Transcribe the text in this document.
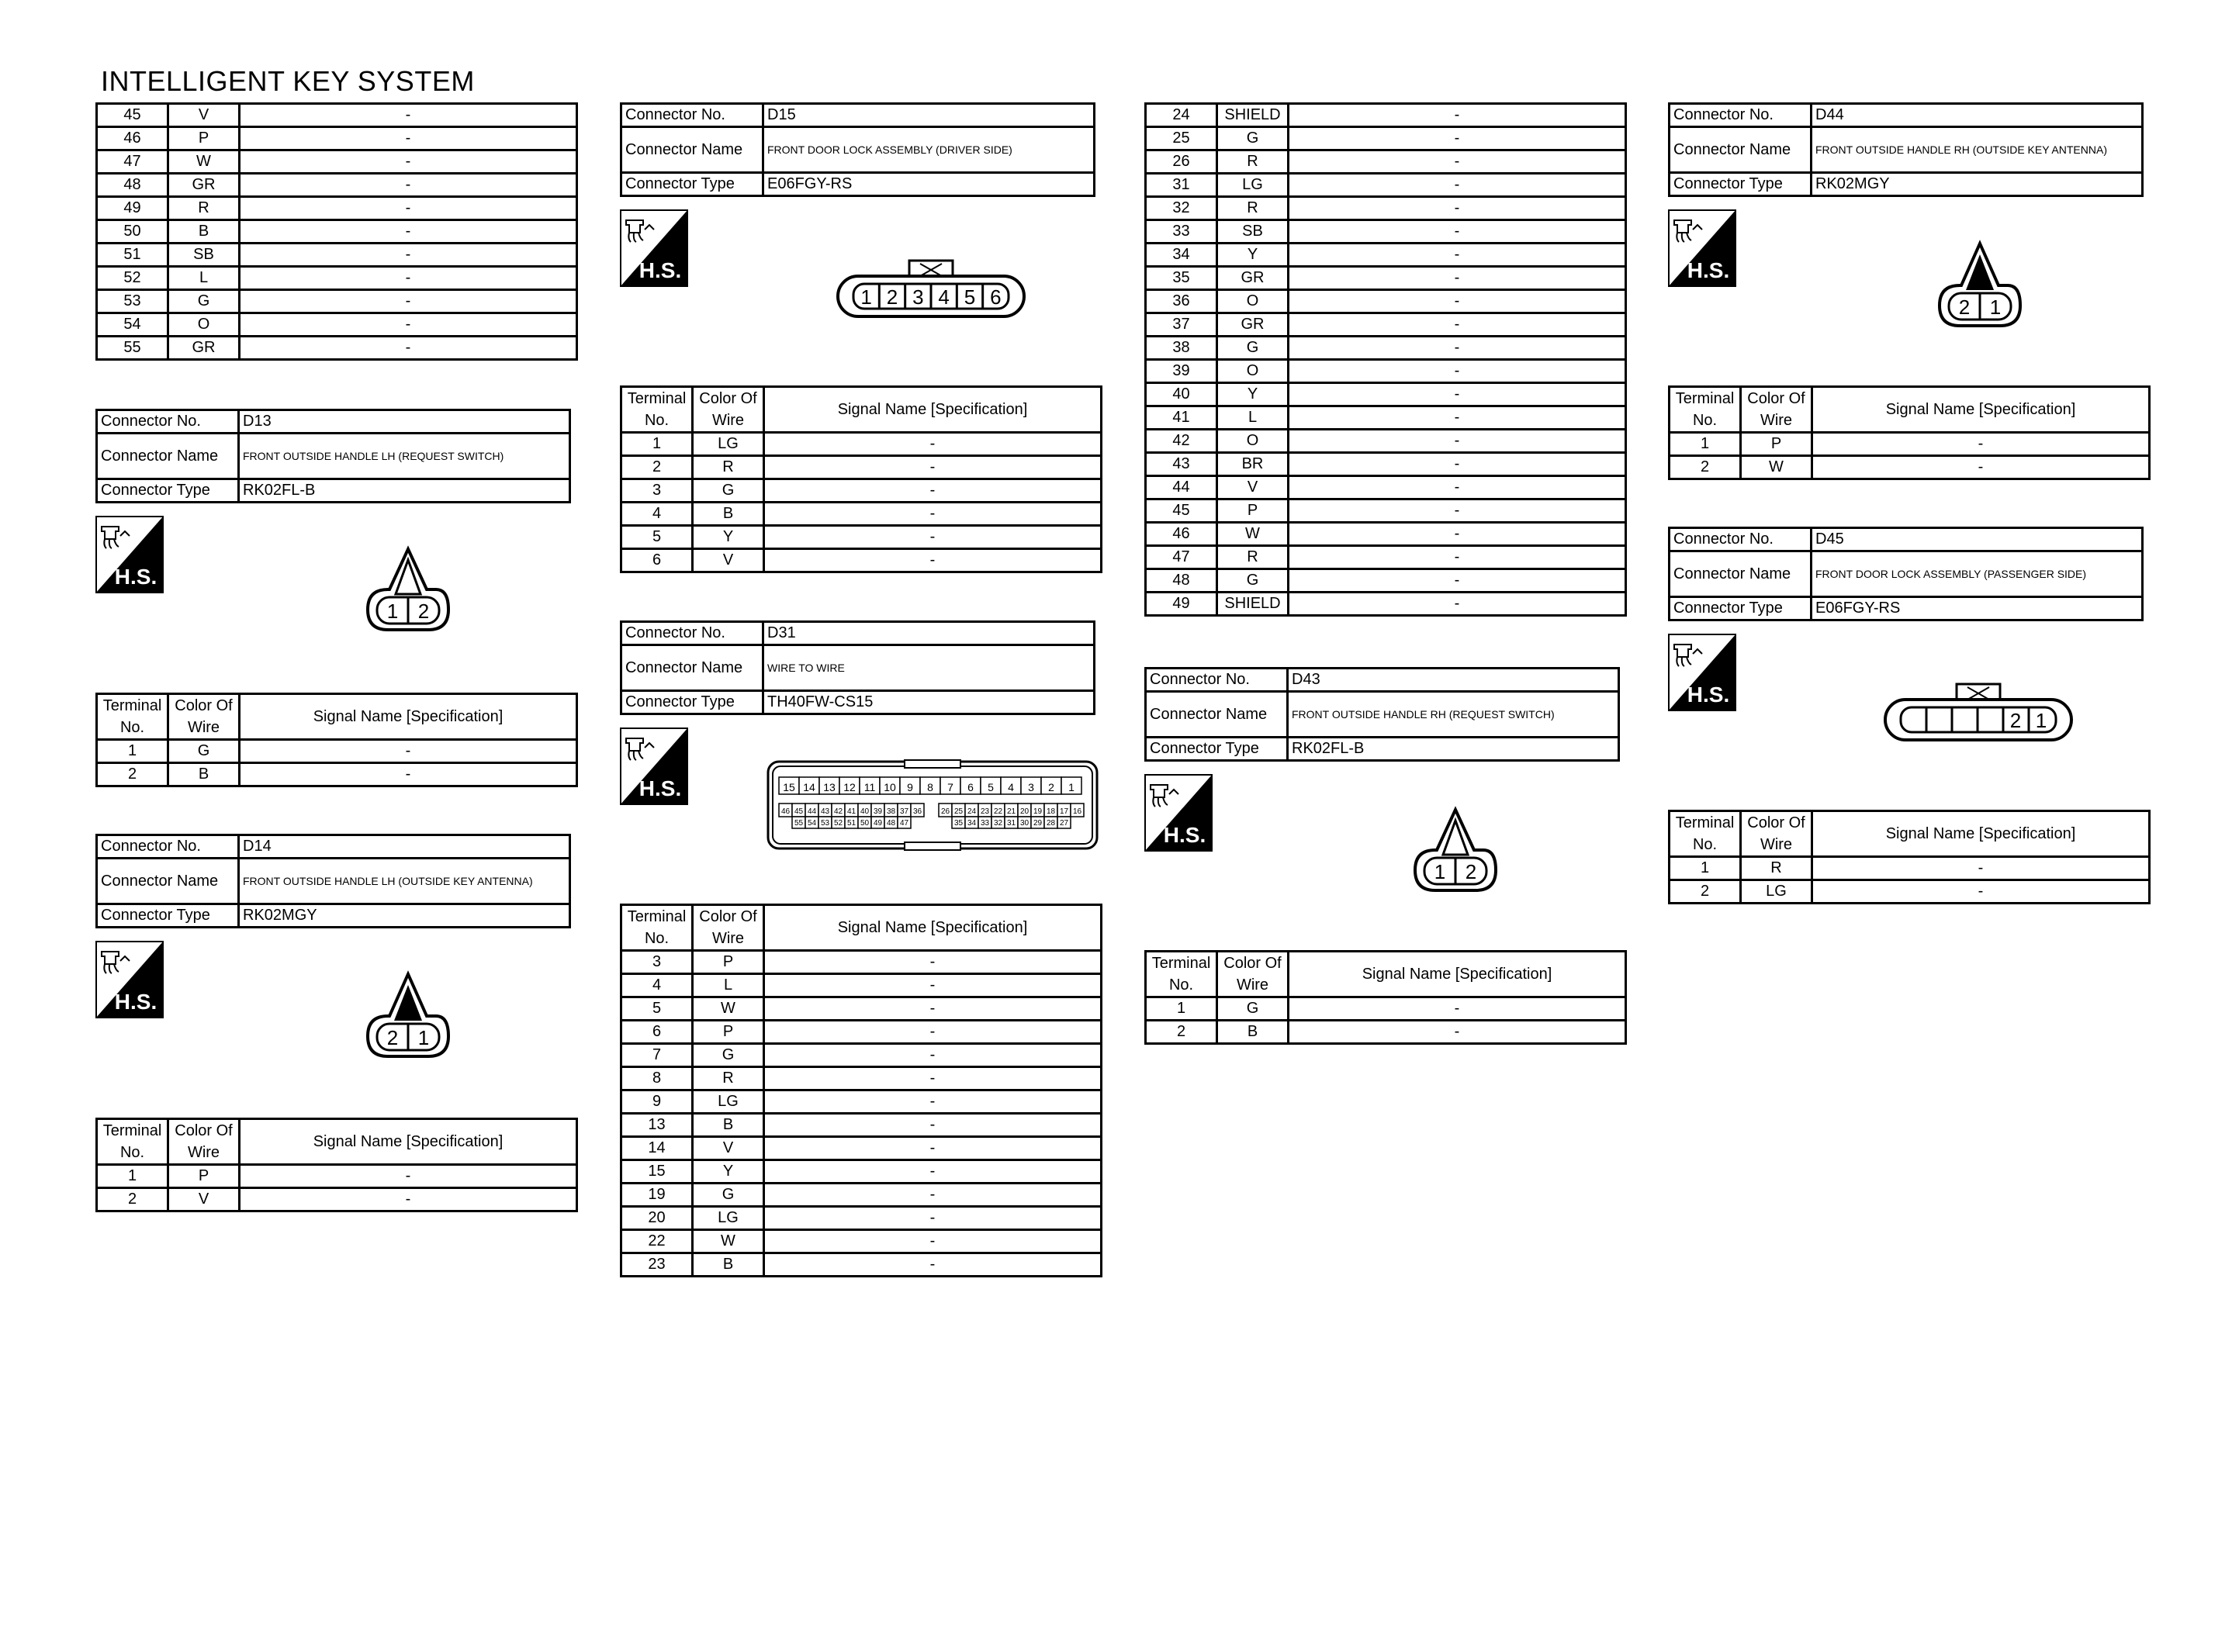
INTELLIGENT KEY SYSTEM
45	V	-
46	P	-
47	W	-
48	GR	-
49	R	-
50	B	-
51	SB	-
52	L	-
53	G	-
54	O	-
55	GR	-
Connector No.	D13
Connector Name	FRONT OUTSIDE HANDLE LH (REQUEST SWITCH)
Connector Type	RK02FL-B
1 2
Terminal No.	Color Of Wire	Signal Name [Specification]
1	G	-
2	B	-
Connector No.	D14
Connector Name	FRONT OUTSIDE HANDLE LH (OUTSIDE KEY ANTENNA)
Connector Type	RK02MGY
2 1
Terminal No.	Color Of Wire	Signal Name [Specification]
1	P	-
2	V	-
Connector No.	D15
Connector Name	FRONT DOOR LOCK ASSEMBLY (DRIVER SIDE)
Connector Type	E06FGY-RS
1 2 3 4 5 6
Terminal No.	Color Of Wire	Signal Name [Specification]
1	LG	-
2	R	-
3	G	-
4	B	-
5	Y	-
6	V	-
Connector No.	D31
Connector Name	WIRE TO WIRE
Connector Type	TH40FW-CS15
15 14 13 12 11 10 9 8 7 6 5 4 3 2 1
46 45 44 43 42 41 40 39 38 37 36 26 25 24 23 22 21 20 19 18 17 16
55 54 53 52 51 50 49 48 47	35 34 33 32 31 30 29 28 27
Terminal No.	Color Of Wire	Signal Name [Specification]
3	P	-
4	L	-
5	W	-
6	P	-
7	G	-
8	R	-
9	LG	-
13	B	-
14	V	-
15	Y	-
19	G	-
20	LG	-
22	W	-
23	B	-
24	SHIELD	-
25	G	-
26	R	-
31	LG	-
32	R	-
33	SB	-
34	Y	-
35	GR	-
36	O	-
37	GR	-
38	G	-
39	O	-
40	Y	-
41	L	-
42	O	-
43	BR	-
44	V	-
45	P	-
46	W	-
47	R	-
48	G	-
49	SHIELD	-
Connector No.	D43
Connector Name	FRONT OUTSIDE HANDLE RH (REQUEST SWITCH)
Connector Type	RK02FL-B
1 2
Terminal No.	Color Of Wire	Signal Name [Specification]
1	G	-
2	B	-
Connector No.	D44
Connector Name	FRONT OUTSIDE HANDLE RH (OUTSIDE KEY ANTENNA)
Connector Type	RK02MGY
2 1
Terminal No.	Color Of Wire	Signal Name [Specification]
1	P	-
2	W	-
Connector No.	D45
Connector Name	FRONT DOOR LOCK ASSEMBLY (PASSENGER SIDE)
Connector Type	E06FGY-RS
2 1
Terminal No.	Color Of Wire	Signal Name [Specification]
1	R	-
2	LG	-
